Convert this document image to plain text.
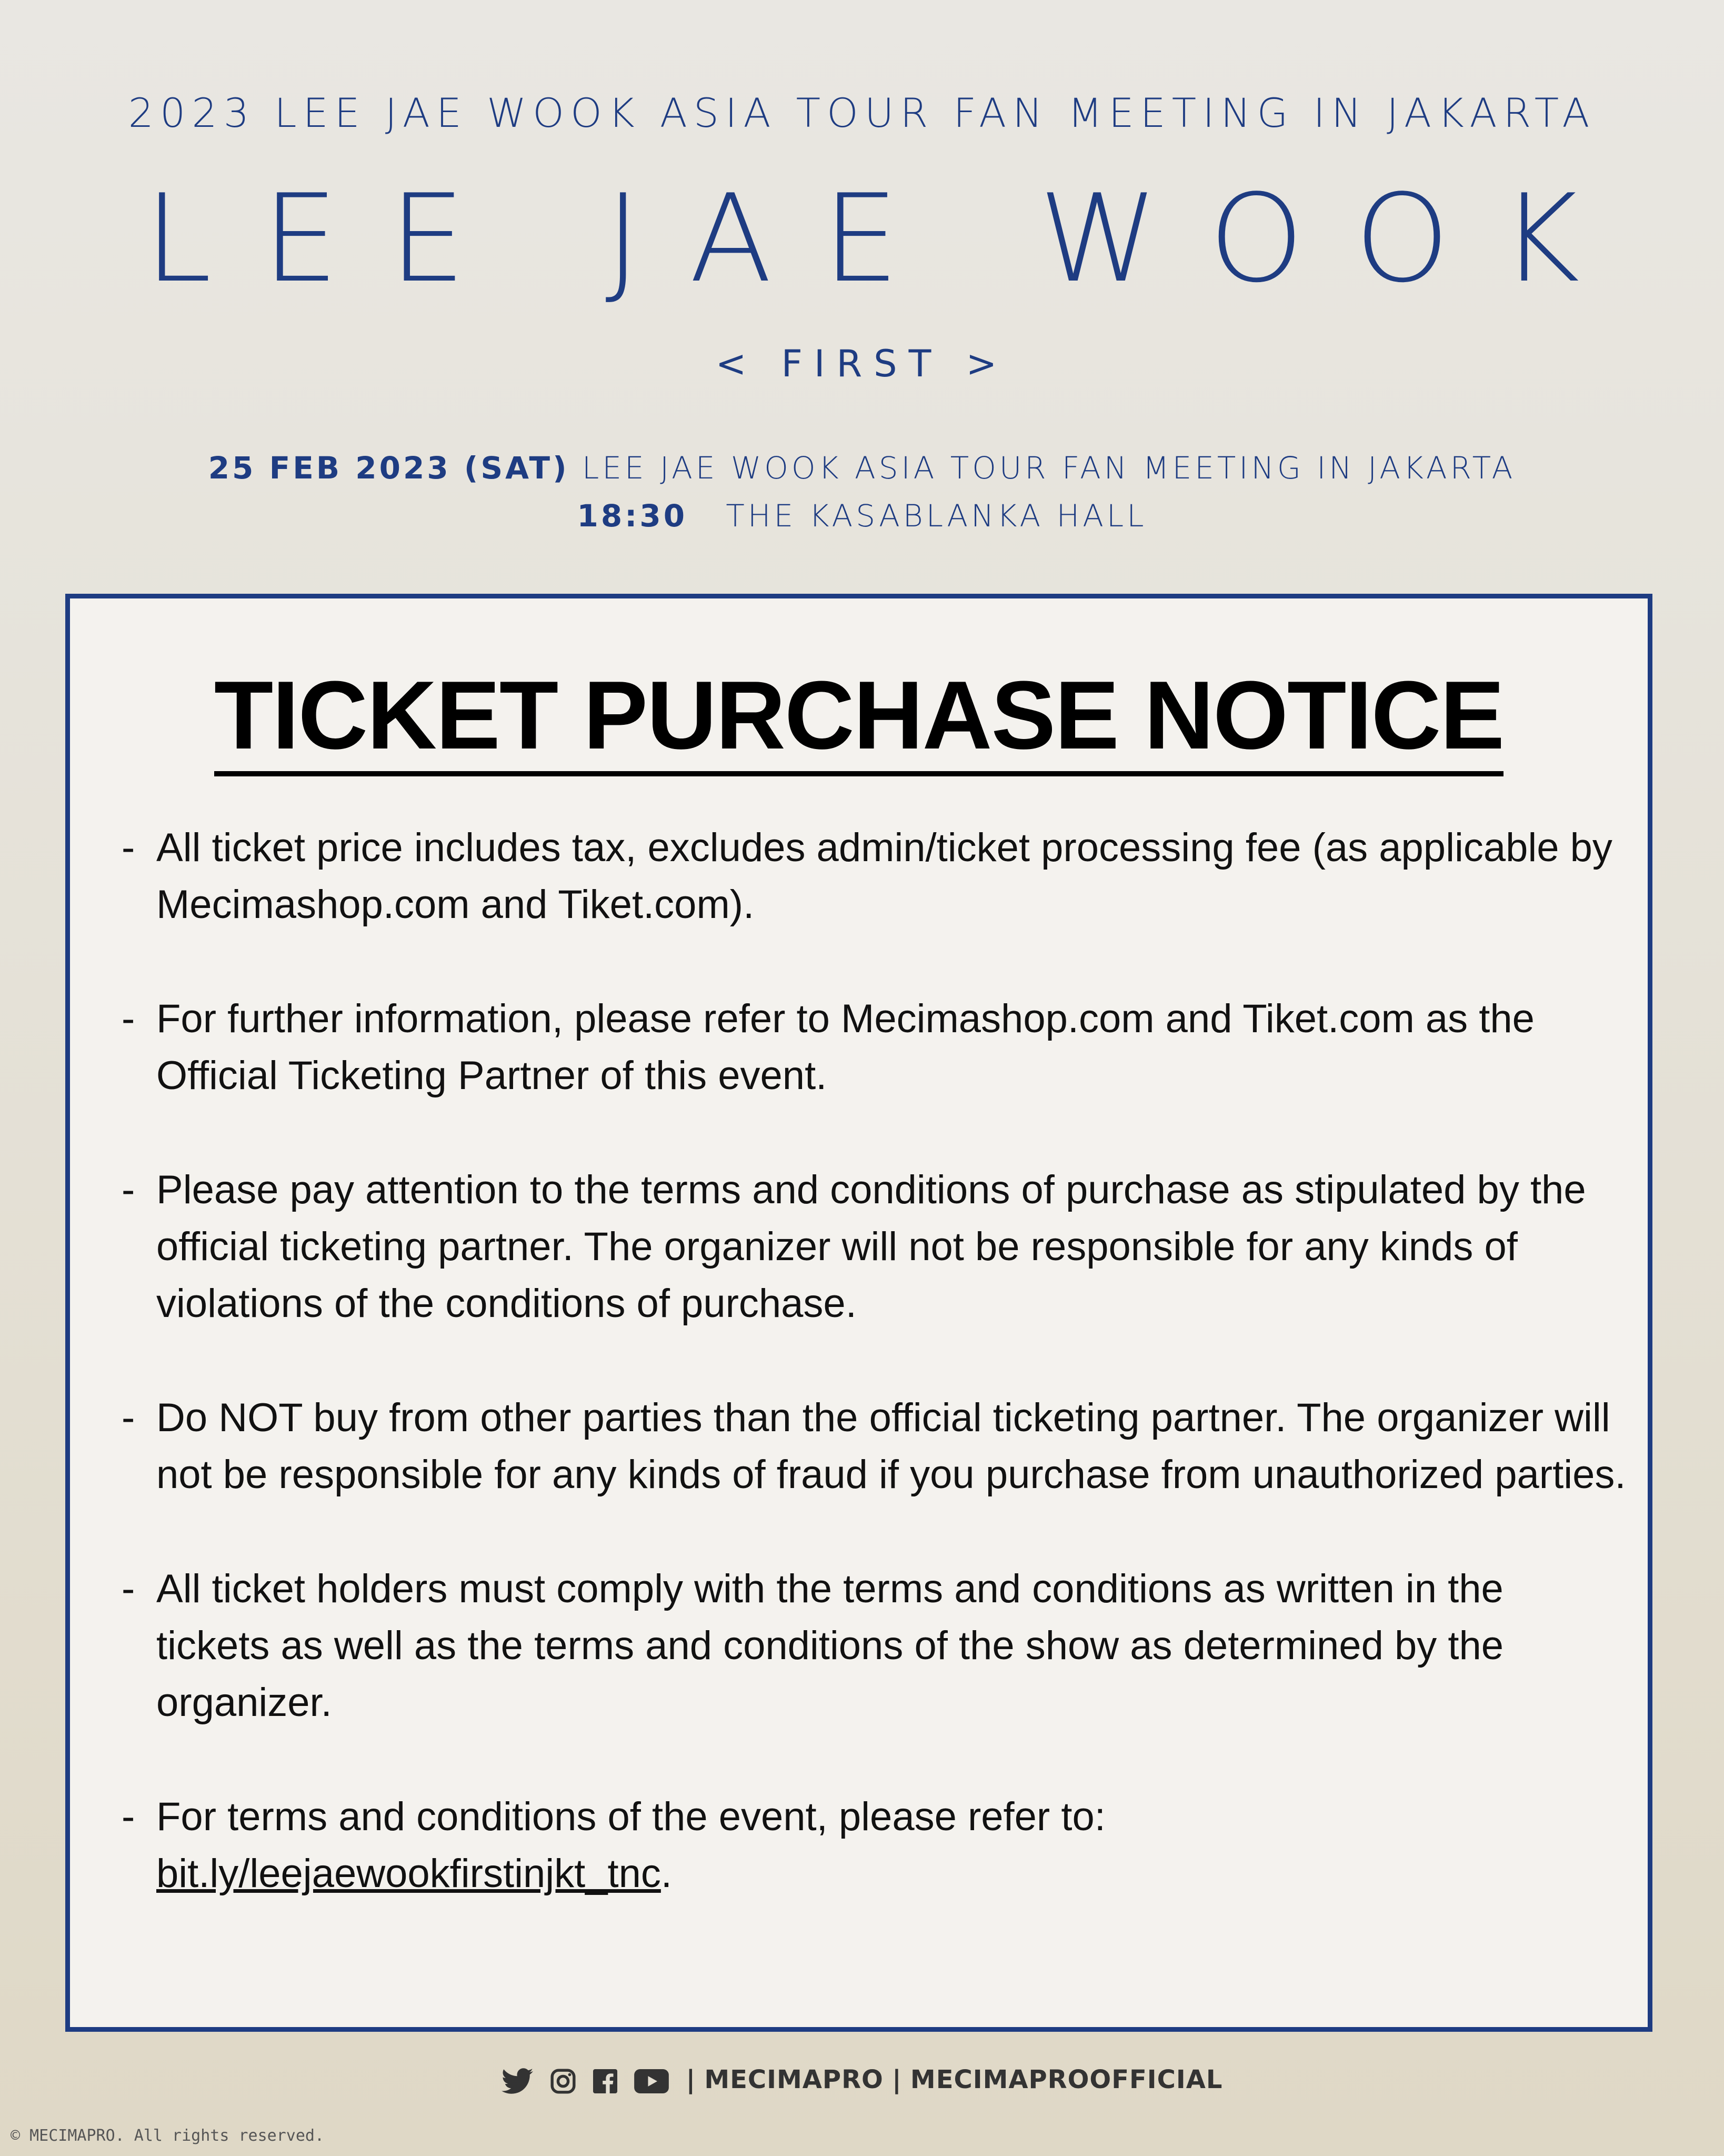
2023 LEE JAE WOOK ASIA TOUR FAN MEETING IN JAKARTA
LEE JAE WOOK
< FIRST >
25 FEB 2023 (SAT) LEE JAE WOOK ASIA TOUR FAN MEETING IN JAKARTA
18:30 THE KASABLANKA HALL
TICKET PURCHASE NOTICE
- All ticket price includes tax, excludes admin/ticket processing fee (as applicable by Mecimashop.com and Tiket.com).
- For further information, please refer to Mecimashop.com and Tiket.com as the Official Ticketing Partner of this event.
- Please pay attention to the terms and conditions of purchase as stipulated by the official ticketing partner. The organizer will not be responsible for any kinds of violations of the conditions of purchase.
- Do NOT buy from other parties than the official ticketing partner. The organizer will not be responsible for any kinds of fraud if you purchase from unauthorized parties.
- All ticket holders must comply with the terms and conditions as written in the tickets as well as the terms and conditions of the show as determined by the organizer.
- For terms and conditions of the event, please refer to:
bit.ly/leejaewookfirstinjkt_tnc.
| MECIMAPRO | MECIMAPROOFFICIAL
© MECIMAPRO. All rights reserved.
